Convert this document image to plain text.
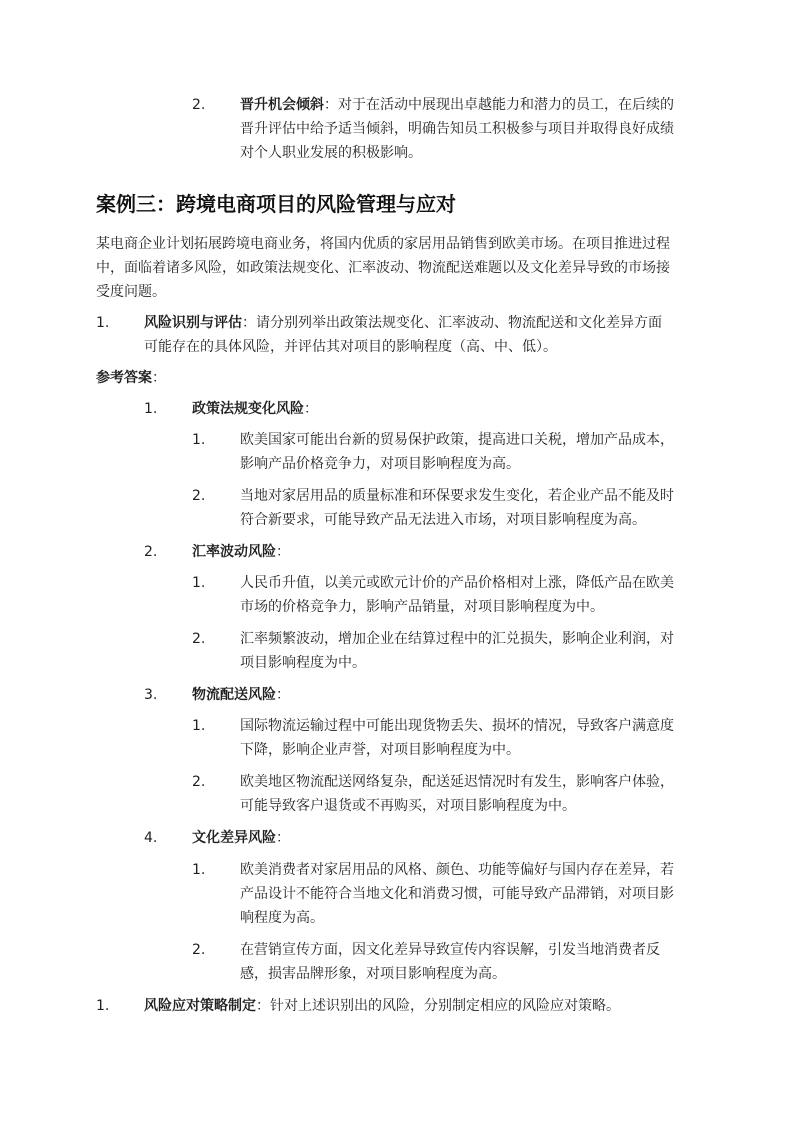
2. 晋升机会倾斜：对于在活动中展现出卓越能力和潜力的员工，在后续的
晋升评估中给予适当倾斜，明确告知员工积极参与项目并取得良好成绩
对个人职业发展的积极影响。
案例三：跨境电商项目的风险管理与应对
某电商企业计划拓展跨境电商业务，将国内优质的家居用品销售到欧美市场。在项目推进过程
中，面临着诸多风险，如政策法规变化、汇率波动、物流配送难题以及文化差异导致的市场接
受度问题。
1. 风险识别与评估：请分别列举出政策法规变化、汇率波动、物流配送和文化差异方面
可能存在的具体风险，并评估其对项目的影响程度（高、中、低）。
参考答案：
1. 政策法规变化风险：
1. 欧美国家可能出台新的贸易保护政策，提高进口关税，增加产品成本，
影响产品价格竞争力，对项目影响程度为高。
2. 当地对家居用品的质量标准和环保要求发生变化，若企业产品不能及时
符合新要求，可能导致产品无法进入市场，对项目影响程度为高。
2. 汇率波动风险：
1. 人民币升值，以美元或欧元计价的产品价格相对上涨，降低产品在欧美
市场的价格竞争力，影响产品销量，对项目影响程度为中。
2. 汇率频繁波动，增加企业在结算过程中的汇兑损失，影响企业利润，对
项目影响程度为中。
3. 物流配送风险：
1. 国际物流运输过程中可能出现货物丢失、损坏的情况，导致客户满意度
下降，影响企业声誉，对项目影响程度为中。
2. 欧美地区物流配送网络复杂，配送延迟情况时有发生，影响客户体验，
可能导致客户退货或不再购买，对项目影响程度为中。
4. 文化差异风险：
1. 欧美消费者对家居用品的风格、颜色、功能等偏好与国内存在差异，若
产品设计不能符合当地文化和消费习惯，可能导致产品滞销，对项目影
响程度为高。
2. 在营销宣传方面，因文化差异导致宣传内容误解，引发当地消费者反
感，损害品牌形象，对项目影响程度为高。
1. 风险应对策略制定：针对上述识别出的风险，分别制定相应的风险应对策略。
